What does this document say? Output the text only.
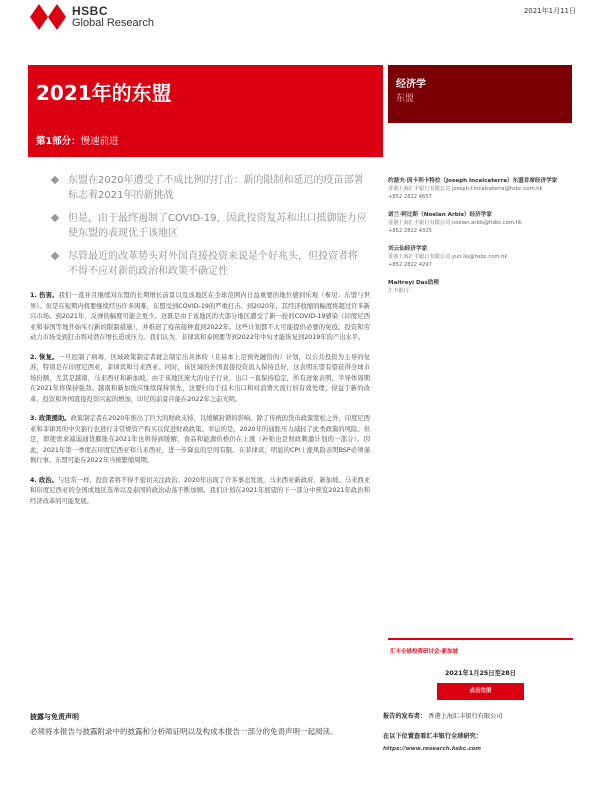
HSBC
Global Research
2021年1月11日
2021年的东盟
第1部分：慢速前进
经济学
东盟
东盟在2020年遭受了不成比例的打击：新的限制和延迟的疫苗部署标志着2021年的新挑战
但是，由于最终遏制了COVID-19，因此投资复苏和出口抵御能力应使东盟的表现优于该地区
尽管最近的改革势头对外国直接投资来说是个好兆头，但投资者将不得不应对新的政治和政策不确定性
约瑟夫·因卡利卡特拉（Joseph Incalcaterra）东盟首席经济学家
香港上海汇丰银行有限公司 joseph.f.incalcaterra@hsbc.com.hk
+852 2822 4657
诺兰·阿比斯（Noelan Arbis）经济学家
香港上海汇丰银行有限公司 noelan.arbis@hsbc.com.hk
+852 2822 4325
刘云仙经济学家
香港上海汇丰银行有限公司 yun.liu@hsbc.com.hk
+852 2822 4297
Maitreyi Das助理
汇丰银行

1. 伤害。我们一直并且继续对东盟的长期增长前景以及该地区在全球范围内日益重要的地位感到乐观（参见：东盟与世界）。但是在短期内将要继续经历许多困难，东盟受到COVID-19的严重打击。到2020年，其经济收缩的幅度将超过许多新兴市场。到2021年，反弹的幅度可能会更少。这既是由于该地区的大部分地区遭受了新一轮的COVID-19感染（印度尼西亚和泰国等地开始实行新的限制措施），并推迟了疫苗接种直到2022年。这些计划都不太可能提供必要的免疫。投资和劳动力市场受到打击将对潜在增长造成压力。我们认为，非律宾和泰国要等到2022年中旬才能恢复到2019年的产出水平。

2. 恢复。一旦控制了病毒，区域政策制定者就会制定出具体的（且基本上是预先融资的）计划，以公共投资为主导的复苏，特别是在印度尼西亚，菲律宾和马来西亚。同时，该区域的外国直接投资流入保持良好，这表明东盟有望获得全球市场份额，尤其是越南，马来西亚和新加坡。由于该地区庞大的电子行业，出口一直保持稳定，所有迹象表明，半导体周期在2021年将保持强劲。越南和新加坡应继续保持领先，这要归功于技术出口和对消费大流行的有效处理；得益于新的改革，投资和外国直接投资兴起的增加，印尼的前景应能在2022年之前光明。

3. 政策援助。政策制定者在2020年推出了巨大的财政支持，以缓解封锁的影响。除了传统的货币政策宽松之外，印度尼西亚和菲律宾的中央银行也进行非常规资产购买以促进财政政策。幸运的是，2020年的通胀压力减轻了此类政策的风险。但是，即使需求减弱通货膨胀在2021年也将得到缓解，食品和能源价格仍在上涨（补贴也是财政刺激计划的一部分）。因此，2021年第一季度在印度尼西亚和马来西亚，进一步降息的空间有限。在菲律宾，明显的CPI上涨风险表明BSP必须谨慎行事。东盟可能在2022年当统繁缩周期。

4. 政治。与往常一样，投资者将不得不密切关注政治。2020年出现了许多事态发展，马来西亚新政府，新加坡。马来西亚和印度尼西亚的全国或地区选举以及泰国的政治动荡不断加剧。我们计划在2021年展望的下一部分中预览2021年政治和经济改革的可能发展。

汇丰全球投资研讨会·新加坡
2021年1月25日至28日
点击注册
披露与免责声明
必须将本报告与披露附录中的披露和分析师证明以及构成本报告一部分的免责声明一起阅读。
报告的发布者： 香港上海汇丰银行有限公司
在以下位置查看汇丰银行全球研究：
https://www.research.hsbc.com
